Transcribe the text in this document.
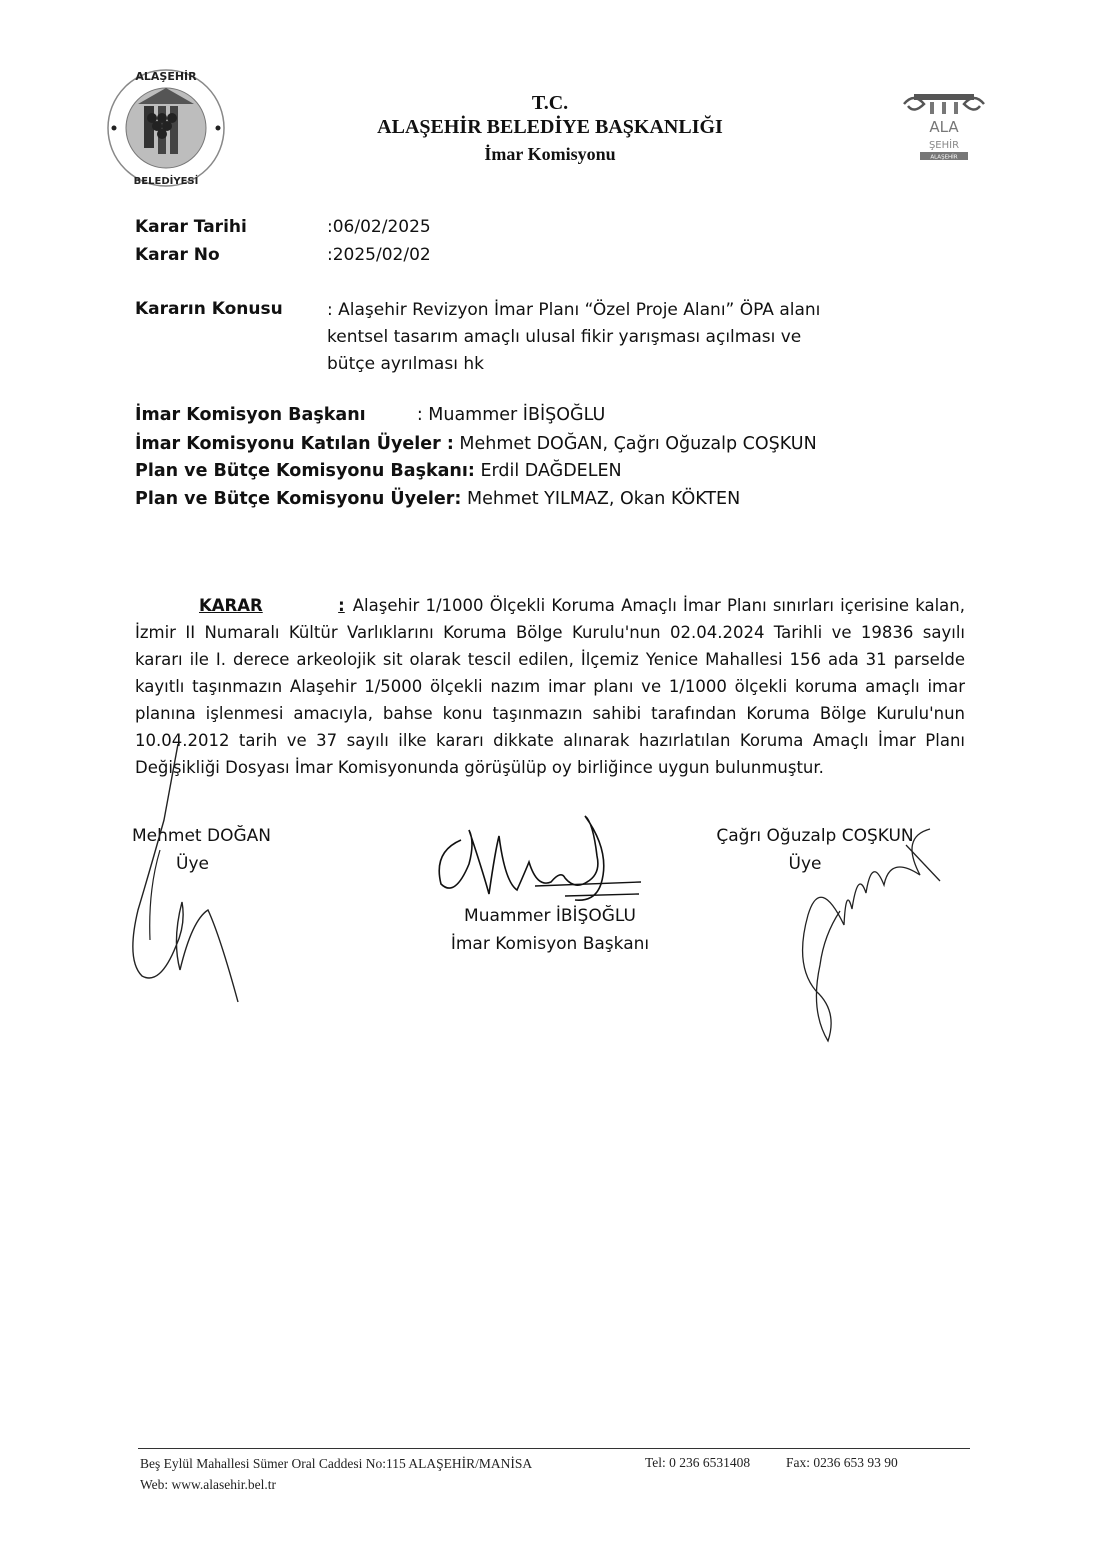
ALAŞEHİR
BELEDİYESİ
ALA
ŞEHİR
ALAŞEHİR
T.C.
ALAŞEHİR BELEDİYE BAŞKANLIĞI
İmar Komisyonu
Karar Tarihi	:06/02/2025
Karar No	:2025/02/02
Kararın Konusu	: Alaşehir Revizyon İmar Planı “Özel Proje Alanı” ÖPA alanı kentsel tasarım amaçlı ulusal fikir yarışması açılması ve bütçe ayrılması hk
İmar Komisyon Başkanı	: Muammer İBİŞOĞLU
İmar Komisyonu Katılan Üyeler : Mehmet DOĞAN, Çağrı Oğuzalp COŞKUN
Plan ve Bütçe Komisyonu Başkanı: Erdil DAĞDELEN
Plan ve Bütçe Komisyonu Üyeler: Mehmet YILMAZ, Okan KÖKTEN
KARAR	: Alaşehir 1/1000 Ölçekli Koruma Amaçlı İmar Planı sınırları içerisine kalan, İzmir II Numaralı Kültür Varlıklarını Koruma Bölge Kurulu'nun 02.04.2024 Tarihli ve 19836 sayılı kararı ile I. derece arkeolojik sit olarak tescil edilen, İlçemiz Yenice Mahallesi 156 ada 31 parselde kayıtlı taşınmazın Alaşehir 1/5000 ölçekli nazım imar planı ve 1/1000 ölçekli koruma amaçlı imar planına işlenmesi amacıyla, bahse konu taşınmazın sahibi tarafından Koruma Bölge Kurulu'nun 10.04.2012 tarih ve 37 sayılı ilke kararı dikkate alınarak hazırlatılan Koruma Amaçlı İmar Planı Değişikliği Dosyası İmar Komisyonunda görüşülüp oy birliğince uygun bulunmuştur.
Mehmet DOĞAN
Üye
Muammer İBİŞOĞLU
İmar Komisyon Başkanı
Çağrı Oğuzalp COŞKUN
Üye
Beş Eylül Mahallesi Sümer Oral Caddesi No:115 ALAŞEHİR/MANİSA	Tel: 0 236 6531408	Fax: 0236 653 93 90
Web: www.alasehir.bel.tr
